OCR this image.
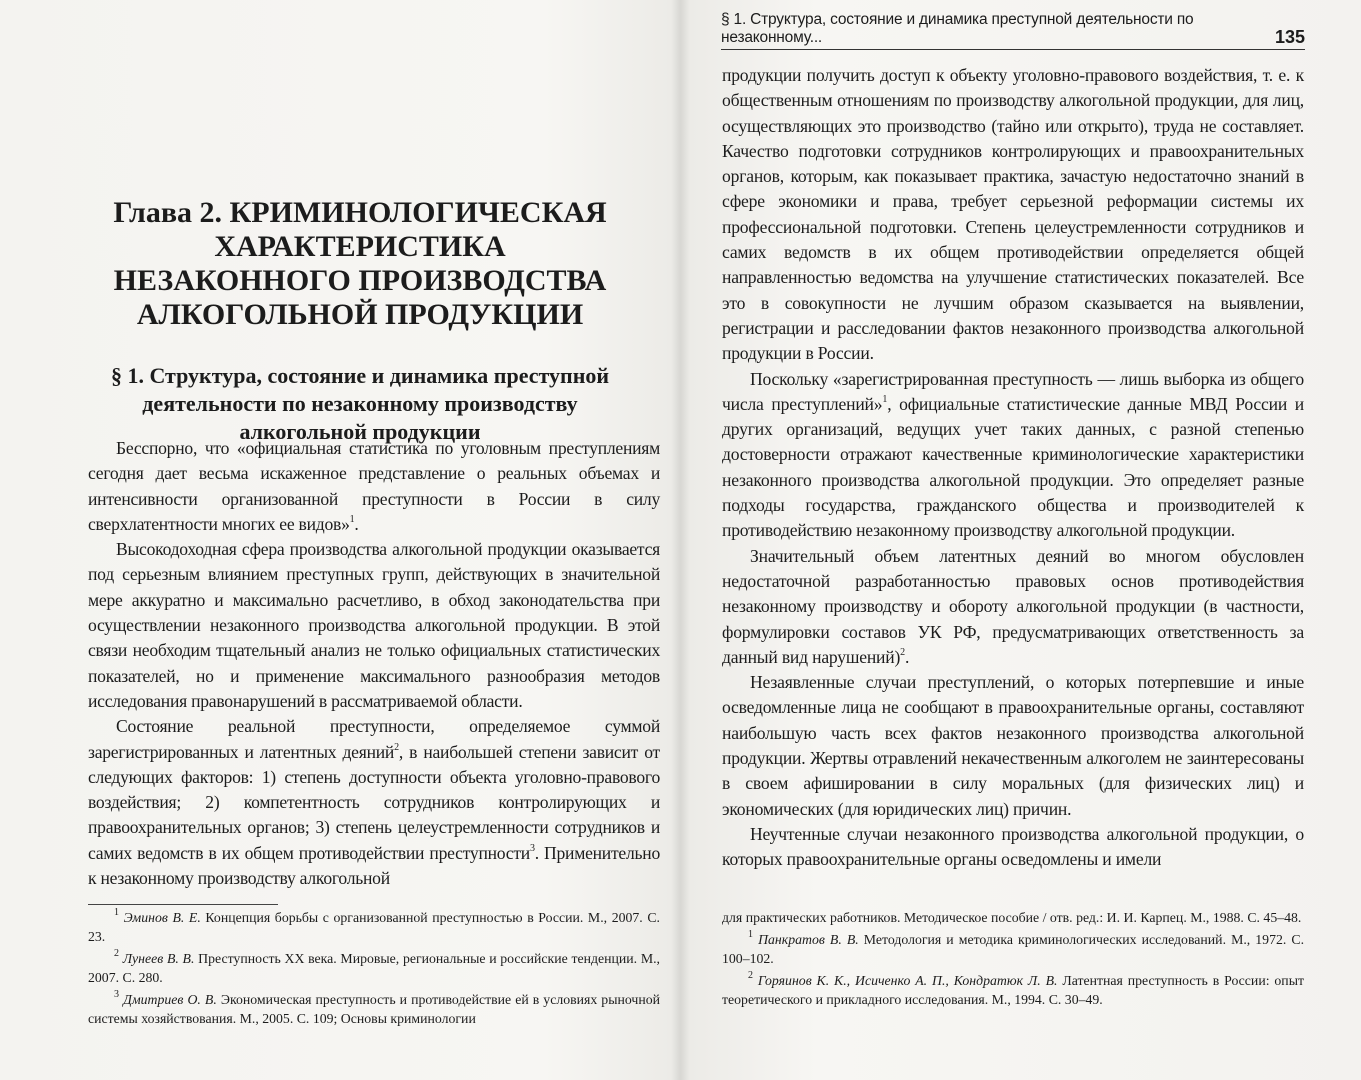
Глава 2. КРИМИНОЛОГИЧЕСКАЯ ХАРАКТЕРИСТИКА НЕЗАКОННОГО ПРОИЗВОДСТВА АЛКОГОЛЬНОЙ ПРОДУКЦИИ
§ 1. Структура, состояние и динамика преступной деятельности по незаконному производству алкогольной продукции

Бесспорно, что «официальная статистика по уголовным преступлениям сегодня дает весьма искаженное представление о реальных объемах и интенсивности организованной преступности в России в силу сверхлатентности многих ее видов»$^1$.

Высокодоходная сфера производства алкогольной продукции оказывается под серьезным влиянием преступных групп, действующих в значительной мере аккуратно и максимально расчетливо, в обход законодательства при осуществлении незаконного производства алкогольной продукции. В этой связи необходим тщательный анализ не только официальных статистических показателей, но и применение максимального разнообразия методов исследования правонарушений в рассматриваемой области.

Состояние реальной преступности, определяемое суммой зарегистрированных и латентных деяний$^2$, в наибольшей степени зависит от следующих факторов: 1) степень доступности объекта уголовно-правового воздействия; 2) компетентность сотрудников контролирующих и правоохранительных органов; 3) степень целеустремленности сотрудников и самих ведомств в их общем противодействии преступности$^3$. Применительно к незаконному производству алкогольной

$^1$ Эминов В. Е. Концепция борьбы с организованной преступностью в России. М., 2007. С. 23.

$^2$ Лунеев В. В. Преступность XX века. Мировые, региональные и российские тенденции. М., 2007. С. 280.

$^3$ Дмитриев О. В. Экономическая преступность и противодействие ей в условиях рыночной системы хозяйствования. М., 2005. С. 109; Основы криминологии

§ 1. Структура, состояние и динамика преступной деятельности по незаконному...	135

продукции получить доступ к объекту уголовно-правового воздействия, т. е. к общественным отношениям по производству алкогольной продукции, для лиц, осуществляющих это производство (тайно или открыто), труда не составляет. Качество подготовки сотрудников контролирующих и правоохранительных органов, которым, как показывает практика, зачастую недостаточно знаний в сфере экономики и права, требует серьезной реформации системы их профессиональной подготовки. Степень целеустремленности сотрудников и самих ведомств в их общем противодействии определяется общей направленностью ведомства на улучшение статистических показателей. Все это в совокупности не лучшим образом сказывается на выявлении, регистрации и расследовании фактов незаконного производства алкогольной продукции в России.

Поскольку «зарегистрированная преступность — лишь выборка из общего числа преступлений»$^1$, официальные статистические данные МВД России и других организаций, ведущих учет таких данных, с разной степенью достоверности отражают качественные криминологические характеристики незаконного производства алкогольной продукции. Это определяет разные подходы государства, гражданского общества и производителей к противодействию незаконному производству алкогольной продукции.

Значительный объем латентных деяний во многом обусловлен недостаточной разработанностью правовых основ противодействия незаконному производству и обороту алкогольной продукции (в частности, формулировки составов УК РФ, предусматривающих ответственность за данный вид нарушений)$^2$.

Незаявленные случаи преступлений, о которых потерпевшие и иные осведомленные лица не сообщают в правоохранительные органы, составляют наибольшую часть всех фактов незаконного производства алкогольной продукции. Жертвы отравлений некачественным алкоголем не заинтересованы в своем афишировании в силу моральных (для физических лиц) и экономических (для юридических лиц) причин.

Неучтенные случаи незаконного производства алкогольной продукции, о которых правоохранительные органы осведомлены и имели

для практических работников. Методическое пособие / отв. ред.: И. И. Карпец. М., 1988. С. 45–48.

$^1$ Панкратов В. В. Методология и методика криминологических исследований. М., 1972. С. 100–102.

$^2$ Горяинов К. К., Исиченко А. П., Кондратюк Л. В. Латентная преступность в России: опыт теоретического и прикладного исследования. М., 1994. С. 30–49.
